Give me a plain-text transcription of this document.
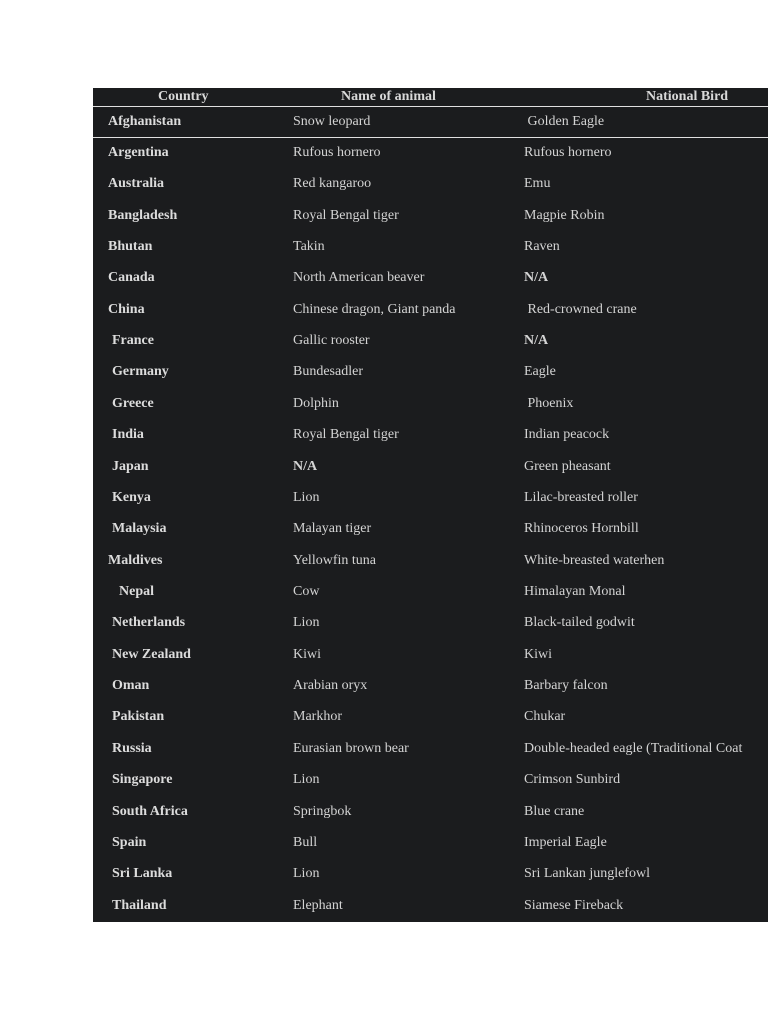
Country	Name of animal	National Bird
Afghanistan	Snow leopard	Golden Eagle
Argentina	Rufous hornero	Rufous hornero
Australia	Red kangaroo	Emu
Bangladesh	Royal Bengal tiger	Magpie Robin
Bhutan	Takin	Raven
Canada	North American beaver	N/A
China	Chinese dragon, Giant panda	Red-crowned crane
France	Gallic rooster	N/A
Germany	Bundesadler	Eagle
Greece	Dolphin	Phoenix
India	Royal Bengal tiger	Indian peacock
Japan	N/A	Green pheasant
Kenya	Lion	Lilac-breasted roller
Malaysia	Malayan tiger	Rhinoceros Hornbill
Maldives	Yellowfin tuna	White-breasted waterhen
Nepal	Cow	Himalayan Monal
Netherlands	Lion	Black-tailed godwit
New Zealand	Kiwi	Kiwi
Oman	Arabian oryx	Barbary falcon
Pakistan	Markhor	Chukar
Russia	Eurasian brown bear	Double-headed eagle (Traditional Coat
Singapore	Lion	Crimson Sunbird
South Africa	Springbok	Blue crane
Spain	Bull	Imperial Eagle
Sri Lanka	Lion	Sri Lankan junglefowl
Thailand	Elephant	Siamese Fireback
